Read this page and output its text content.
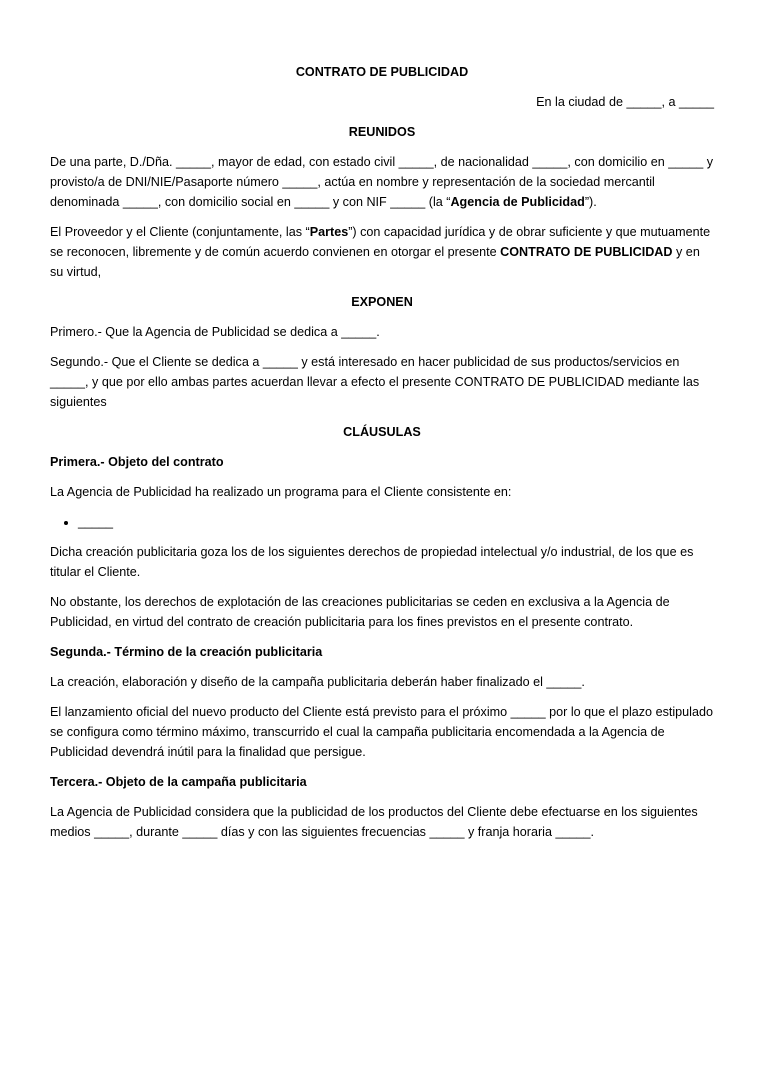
CONTRATO DE PUBLICIDAD

En la ciudad de _____, a _____

REUNIDOS

De una parte, D./Dña. _____, mayor de edad, con estado civil _____, de nacionalidad _____, con domicilio en _____ y provisto/a de DNI/NIE/Pasaporte número _____, actúa en nombre y representación de la sociedad mercantil denominada _____, con domicilio social en _____ y con NIF _____ (la “Agencia de Publicidad”).

El Proveedor y el Cliente (conjuntamente, las “Partes”) con capacidad jurídica y de obrar suficiente y que mutuamente se reconocen, libremente y de común acuerdo convienen en otorgar el presente CONTRATO DE PUBLICIDAD y en su virtud,

EXPONEN

Primero.- Que la Agencia de Publicidad se dedica a _____.

Segundo.- Que el Cliente se dedica a _____ y está interesado en hacer publicidad de sus productos/servicios en _____, y que por ello ambas partes acuerdan llevar a efecto el presente CONTRATO DE PUBLICIDAD mediante las siguientes

CLÁUSULAS
Primera.- Objeto del contrato

La Agencia de Publicidad ha realizado un programa para el Cliente consistente en:

• _____

Dicha creación publicitaria goza los de los siguientes derechos de propiedad intelectual y/o industrial, de los que es titular el Cliente.

No obstante, los derechos de explotación de las creaciones publicitarias se ceden en exclusiva a la Agencia de Publicidad, en virtud del contrato de creación publicitaria para los fines previstos en el presente contrato.

Segunda.- Término de la creación publicitaria

La creación, elaboración y diseño de la campaña publicitaria deberán haber finalizado el _____.

El lanzamiento oficial del nuevo producto del Cliente está previsto para el próximo _____ por lo que el plazo estipulado se configura como término máximo, transcurrido el cual la campaña publicitaria encomendada a la Agencia de Publicidad devendrá inútil para la finalidad que persigue.

Tercera.- Objeto de la campaña publicitaria

La Agencia de Publicidad considera que la publicidad de los productos del Cliente debe efectuarse en los siguientes medios _____, durante _____ días y con las siguientes frecuencias _____ y franja horaria _____.
